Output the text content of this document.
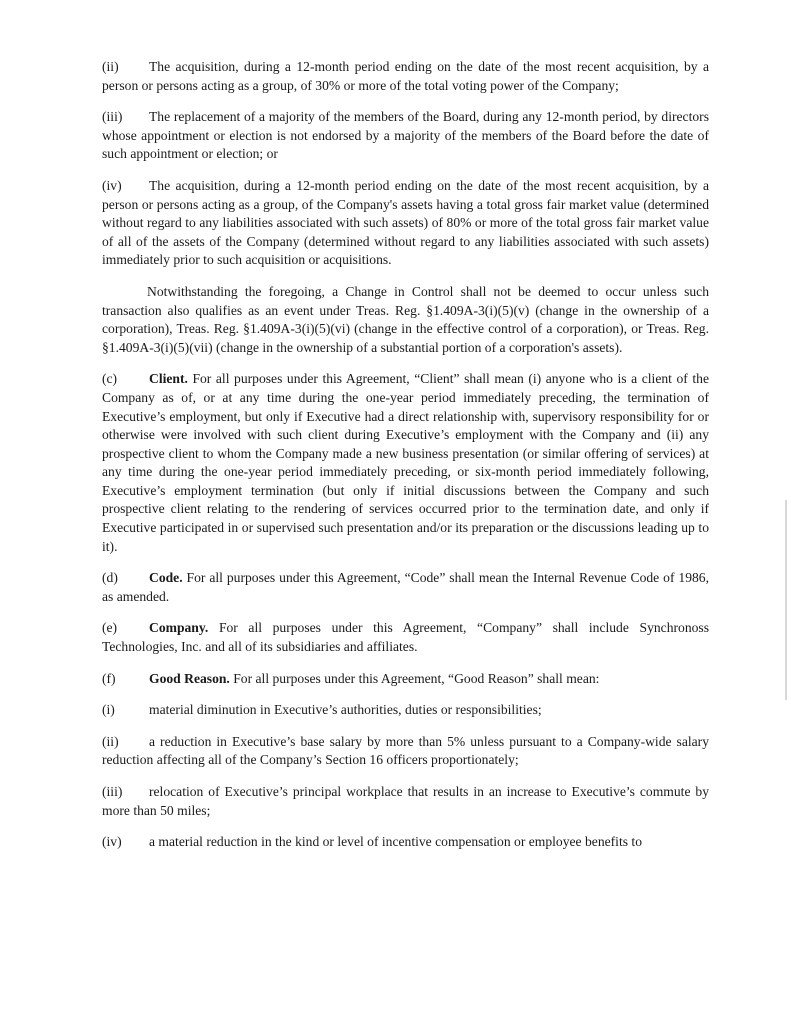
(ii) The acquisition, during a 12-month period ending on the date of the most recent acquisition, by a person or persons acting as a group, of 30% or more of the total voting power of the Company;

(iii) The replacement of a majority of the members of the Board, during any 12-month period, by directors whose appointment or election is not endorsed by a majority of the members of the Board before the date of such appointment or election; or

(iv) The acquisition, during a 12-month period ending on the date of the most recent acquisition, by a person or persons acting as a group, of the Company's assets having a total gross fair market value (determined without regard to any liabilities associated with such assets) of 80% or more of the total gross fair market value of all of the assets of the Company (determined without regard to any liabilities associated with such assets) immediately prior to such acquisition or acquisitions.

Notwithstanding the foregoing, a Change in Control shall not be deemed to occur unless such transaction also qualifies as an event under Treas. Reg. §1.409A-3(i)(5)(v) (change in the ownership of a corporation), Treas. Reg. §1.409A-3(i)(5)(vi) (change in the effective control of a corporation), or Treas. Reg. §1.409A-3(i)(5)(vii) (change in the ownership of a substantial portion of a corporation's assets).

(c) Client. For all purposes under this Agreement, “Client” shall mean (i) anyone who is a client of the Company as of, or at any time during the one-year period immediately preceding, the termination of Executive’s employment, but only if Executive had a direct relationship with, supervisory responsibility for or otherwise were involved with such client during Executive’s employment with the Company and (ii) any prospective client to whom the Company made a new business presentation (or similar offering of services) at any time during the one-year period immediately preceding, or six-month period immediately following, Executive’s employment termination (but only if initial discussions between the Company and such prospective client relating to the rendering of services occurred prior to the termination date, and only if Executive participated in or supervised such presentation and/or its preparation or the discussions leading up to it).

(d) Code. For all purposes under this Agreement, “Code” shall mean the Internal Revenue Code of 1986, as amended.

(e) Company. For all purposes under this Agreement, “Company” shall include Synchronoss Technologies, Inc. and all of its subsidiaries and affiliates.

(f) Good Reason. For all purposes under this Agreement, “Good Reason” shall mean:

(i)	material diminution in Executive’s authorities, duties or responsibilities;

(ii) a reduction in Executive’s base salary by more than 5% unless pursuant to a Company-wide salary reduction affecting all of the Company’s Section 16 officers proportionately;

(iii) relocation of Executive’s principal workplace that results in an increase to Executive’s commute by more than 50 miles;

(iv) a material reduction in the kind or level of incentive compensation or employee benefits to
